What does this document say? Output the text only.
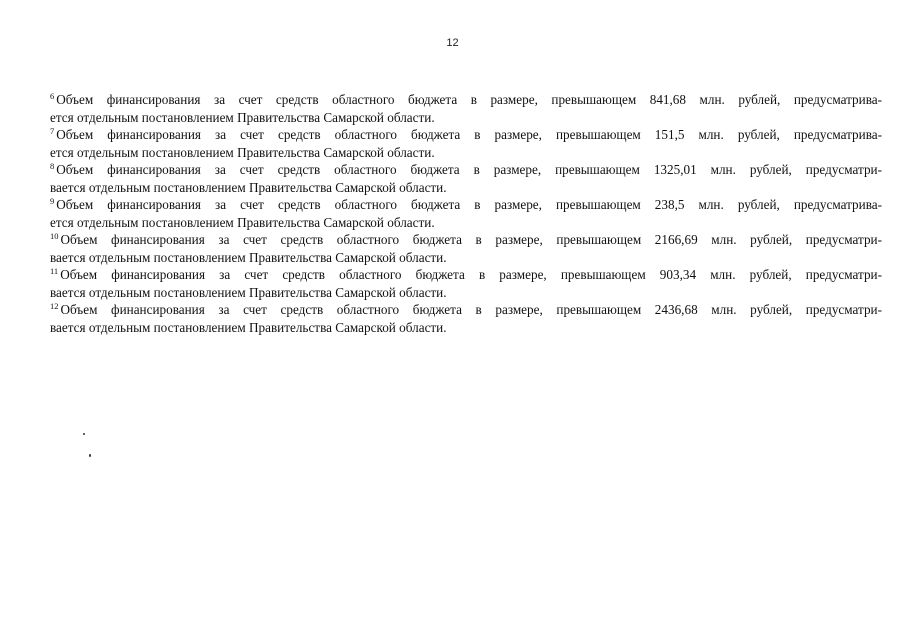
12

$^6$ Объем финансирования за счет средств областного бюджета в размере, превышающем 841,68 млн. рублей, предусматрива-
ется отдельным постановлением Правительства Самарской области.

$^7$ Объем финансирования за счет средств областного бюджета в размере, превышающем 151,5 млн. рублей, предусматрива-
ется отдельным постановлением Правительства Самарской области.

$^8$ Объем финансирования за счет средств областного бюджета в размере, превышающем 1325,01 млн. рублей, предусматри-
вается отдельным постановлением Правительства Самарской области.

$^9$ Объем финансирования за счет средств областного бюджета в размере, превышающем 238,5 млн. рублей, предусматрива-
ется отдельным постановлением Правительства Самарской области.

$^{10}$ Объем финансирования за счет средств областного бюджета в размере, превышающем 2166,69 млн. рублей, предусматри-
вается отдельным постановлением Правительства Самарской области.

$^{11}$ Объем финансирования за счет средств областного бюджета в размере, превышающем 903,34 млн. рублей, предусматри-
вается отдельным постановлением Правительства Самарской области.

$^{12}$ Объем финансирования за счет средств областного бюджета в размере, превышающем 2436,68 млн. рублей, предусматри-
вается отдельным постановлением Правительства Самарской области.
